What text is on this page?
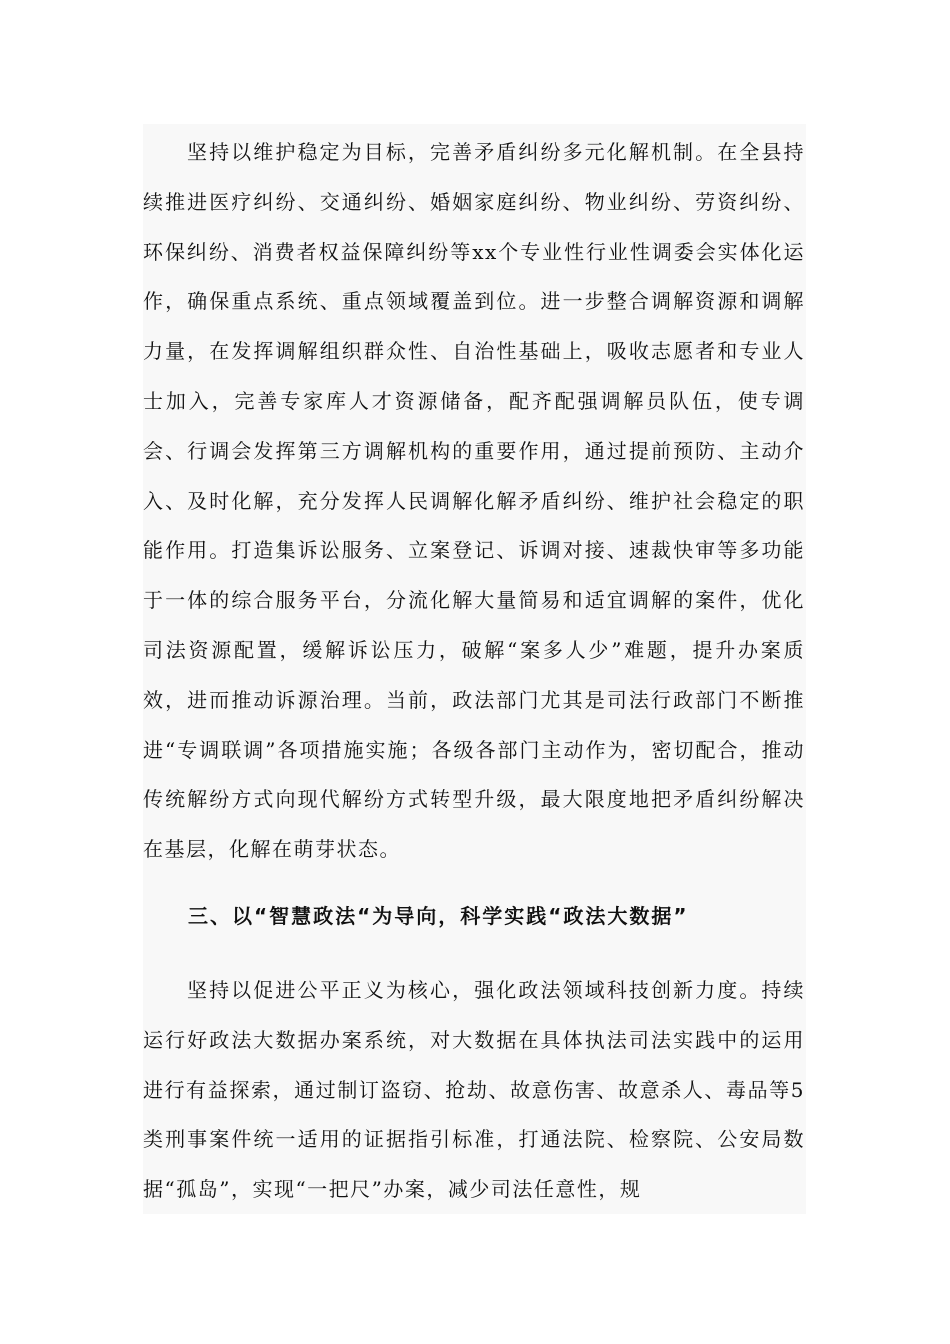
坚持以维护稳定为目标，完善矛盾纠纷多元化解机制。在全县持续推进医疗纠纷、交通纠纷、婚姻家庭纠纷、物业纠纷、劳资纠纷、环保纠纷、消费者权益保障纠纷等xx个专业性行业性调委会实体化运作，确保重点系统、重点领域覆盖到位。进一步整合调解资源和调解力量，在发挥调解组织群众性、自治性基础上，吸收志愿者和专业人士加入，完善专家库人才资源储备，配齐配强调解员队伍，使专调会、行调会发挥第三方调解机构的重要作用，通过提前预防、主动介入、及时化解，充分发挥人民调解化解矛盾纠纷、维护社会稳定的职能作用。打造集诉讼服务、立案登记、诉调对接、速裁快审等多功能于一体的综合服务平台，分流化解大量简易和适宜调解的案件，优化司法资源配置，缓解诉讼压力，破解“案多人少”难题，提升办案质效，进而推动诉源治理。当前，政法部门尤其是司法行政部门不断推进“专调联调”各项措施实施；各级各部门主动作为，密切配合，推动传统解纷方式向现代解纷方式转型升级，最大限度地把矛盾纠纷解决在基层，化解在萌芽状态。

三、以“智慧政法“为导向，科学实践“政法大数据”

坚持以促进公平正义为核心，强化政法领域科技创新力度。持续运行好政法大数据办案系统，对大数据在具体执法司法实践中的运用进行有益探索，通过制订盗窃、抢劫、故意伤害、故意杀人、毒品等5类刑事案件统一适用的证据指引标准，打通法院、检察院、公安局数据“孤岛”，实现“一把尺”办案，减少司法任意性，规
